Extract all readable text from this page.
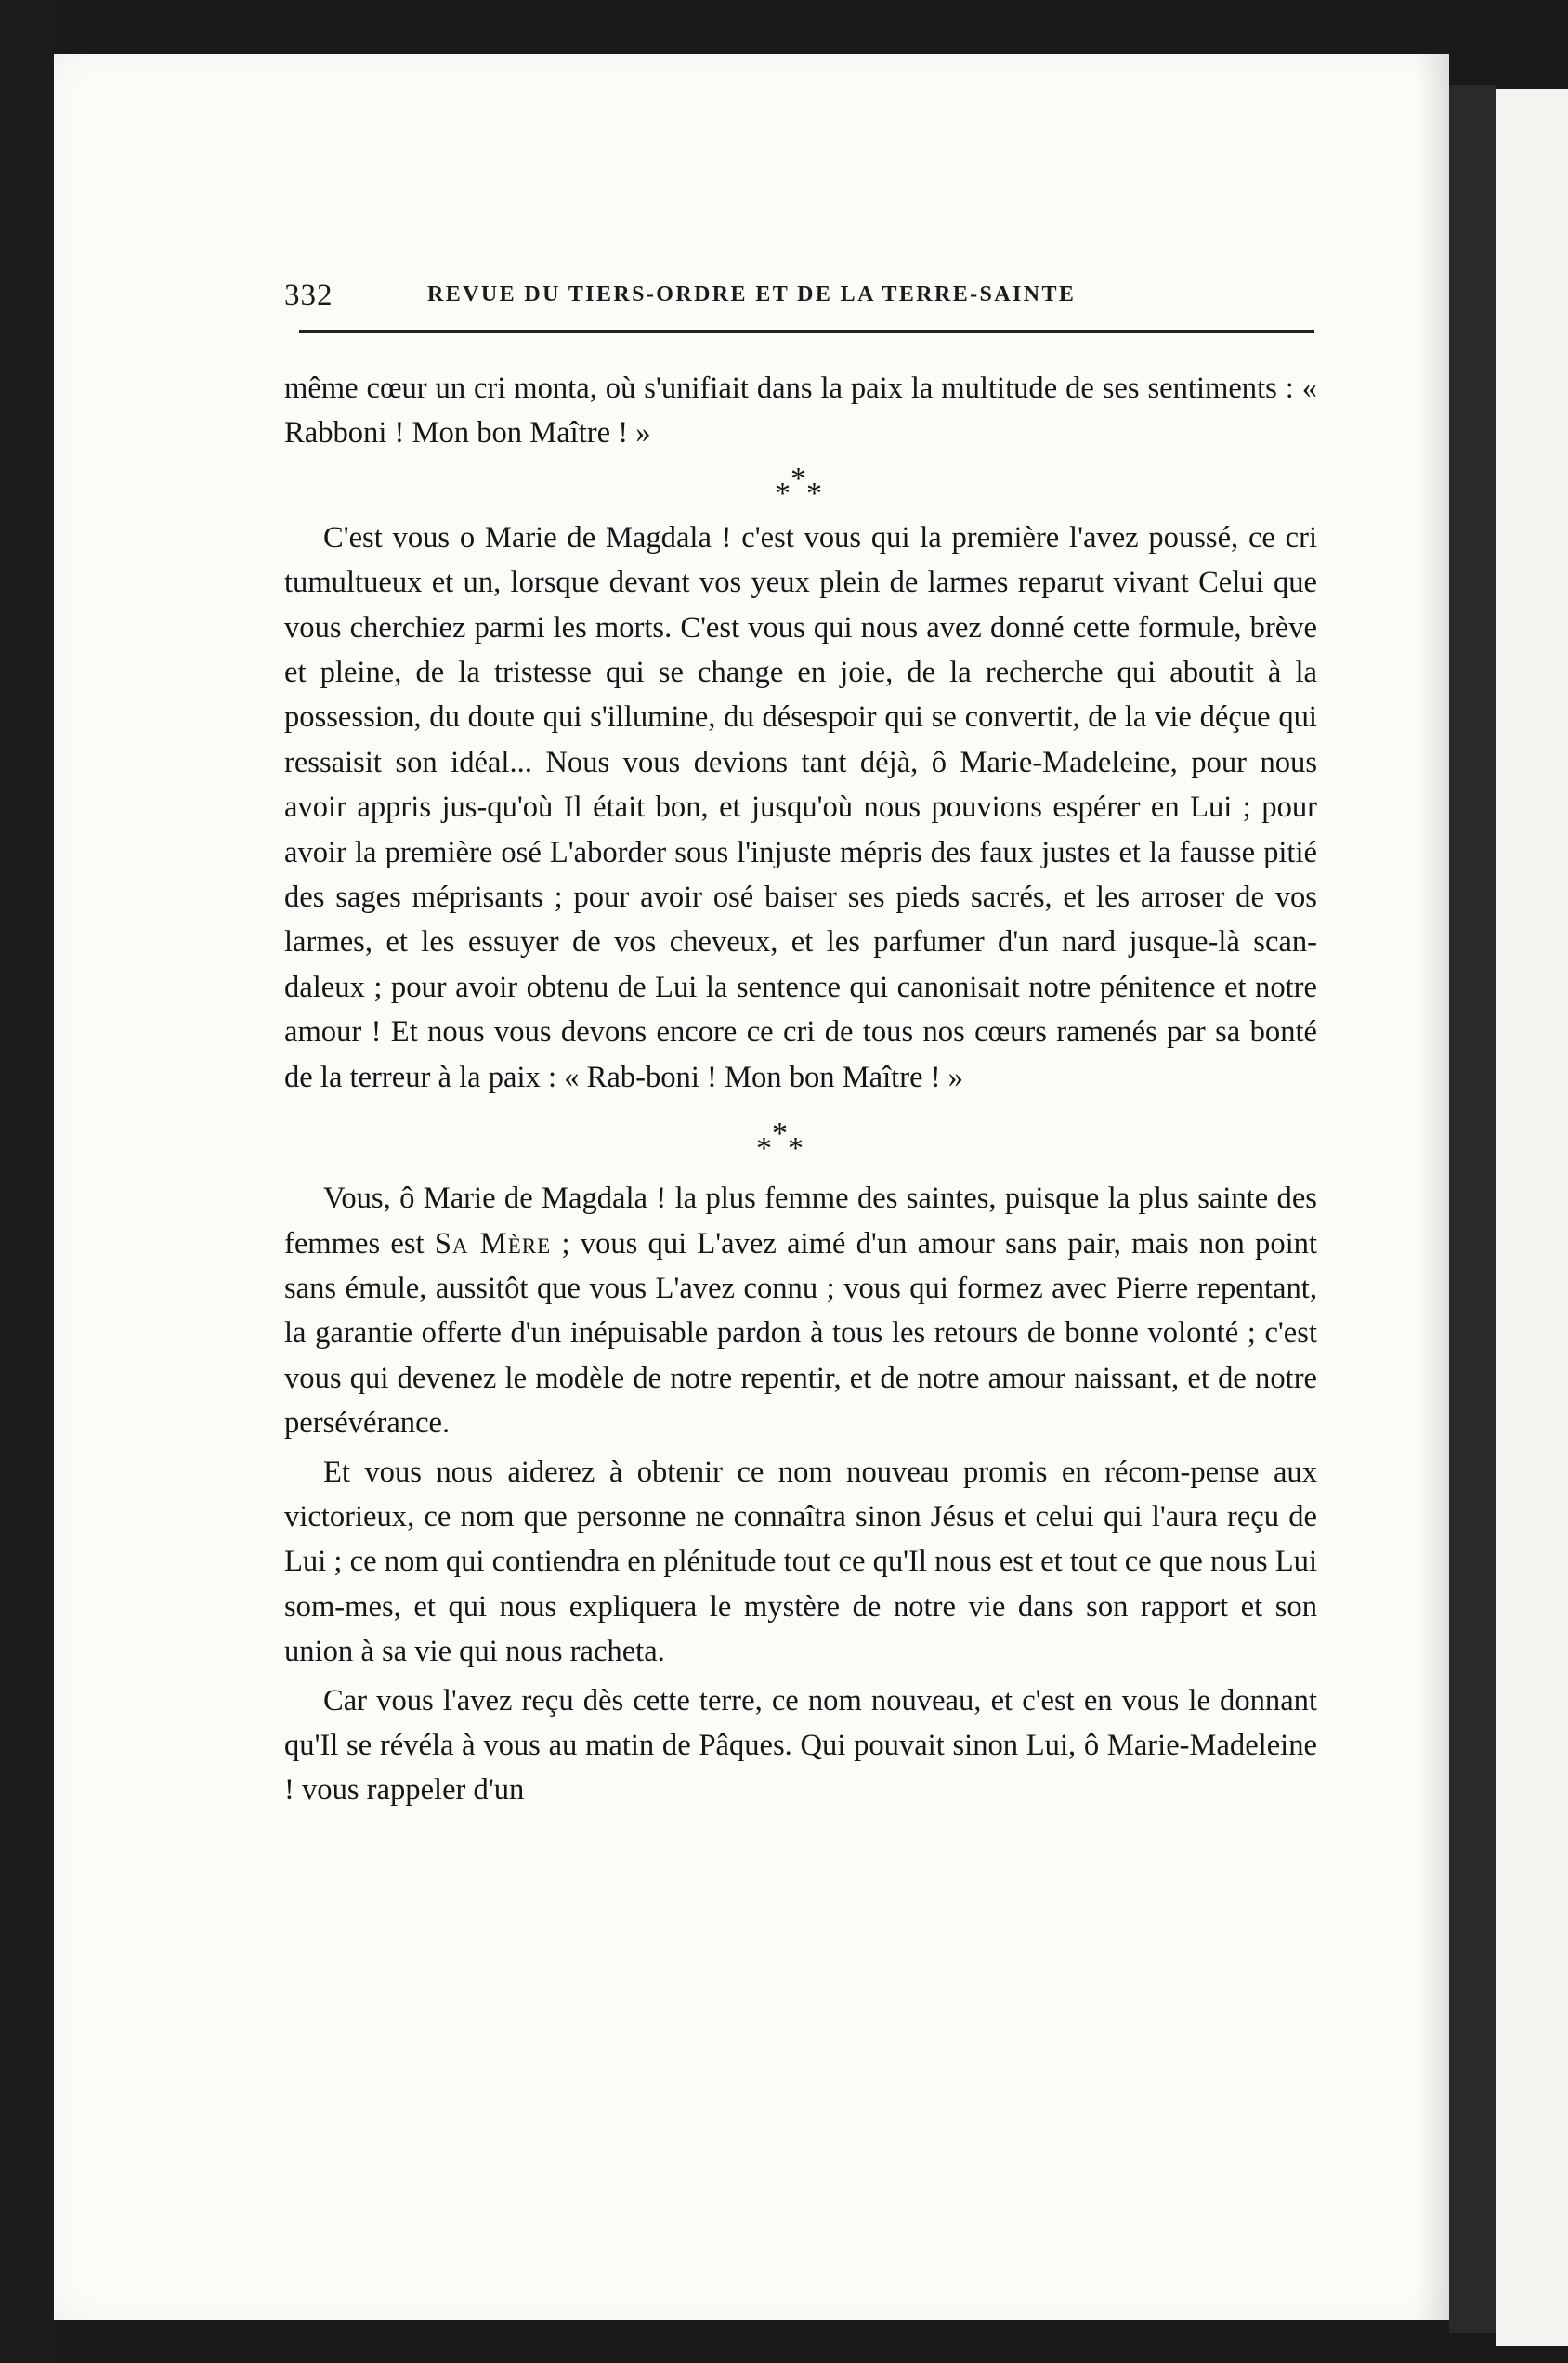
332	REVUE DU TIERS-ORDRE ET DE LA TERRE-SAINTE

même cœur un cri monta, où s'unifiait dans la paix la multitude de ses sentiments : « Rabboni ! Mon bon Maître ! »

* * *

C'est vous o Marie de Magdala ! c'est vous qui la première l'avez poussé, ce cri tumultueux et un, lorsque devant vos yeux plein de larmes reparut vivant Celui que vous cherchiez parmi les morts. C'est vous qui nous avez donné cette formule, brève et pleine, de la tristesse qui se change en joie, de la recherche qui aboutit à la possession, du doute qui s'illumine, du désespoir qui se convertit, de la vie déçue qui ressaisit son idéal... Nous vous devions tant déjà, ô Marie-Madeleine, pour nous avoir appris jus-qu'où Il était bon, et jusqu'où nous pouvions espérer en Lui ; pour avoir la première osé L'aborder sous l'injuste mépris des faux justes et la fausse pitié des sages méprisants ; pour avoir osé baiser ses pieds sacrés, et les arroser de vos larmes, et les essuyer de vos cheveux, et les parfumer d'un nard jusque-là scan-daleux ; pour avoir obtenu de Lui la sentence qui canonisait notre pénitence et notre amour ! Et nous vous devons encore ce cri de tous nos cœurs ramenés par sa bonté de la terreur à la paix : « Rab-boni ! Mon bon Maître ! »

* * *

Vous, ô Marie de Magdala ! la plus femme des saintes, puisque la plus sainte des femmes est Sa Mère ; vous qui L'avez aimé d'un amour sans pair, mais non point sans émule, aussitôt que vous L'avez connu ; vous qui formez avec Pierre repentant, la garantie offerte d'un inépuisable pardon à tous les retours de bonne volonté ; c'est vous qui devenez le modèle de notre repentir, et de notre amour naissant, et de notre persévérance.

Et vous nous aiderez à obtenir ce nom nouveau promis en récom-pense aux victorieux, ce nom que personne ne connaîtra sinon Jésus et celui qui l'aura reçu de Lui ; ce nom qui contiendra en plénitude tout ce qu'Il nous est et tout ce que nous Lui som-mes, et qui nous expliquera le mystère de notre vie dans son rapport et son union à sa vie qui nous racheta.

Car vous l'avez reçu dès cette terre, ce nom nouveau, et c'est en vous le donnant qu'Il se révéla à vous au matin de Pâques. Qui pouvait sinon Lui, ô Marie-Madeleine ! vous rappeler d'un
